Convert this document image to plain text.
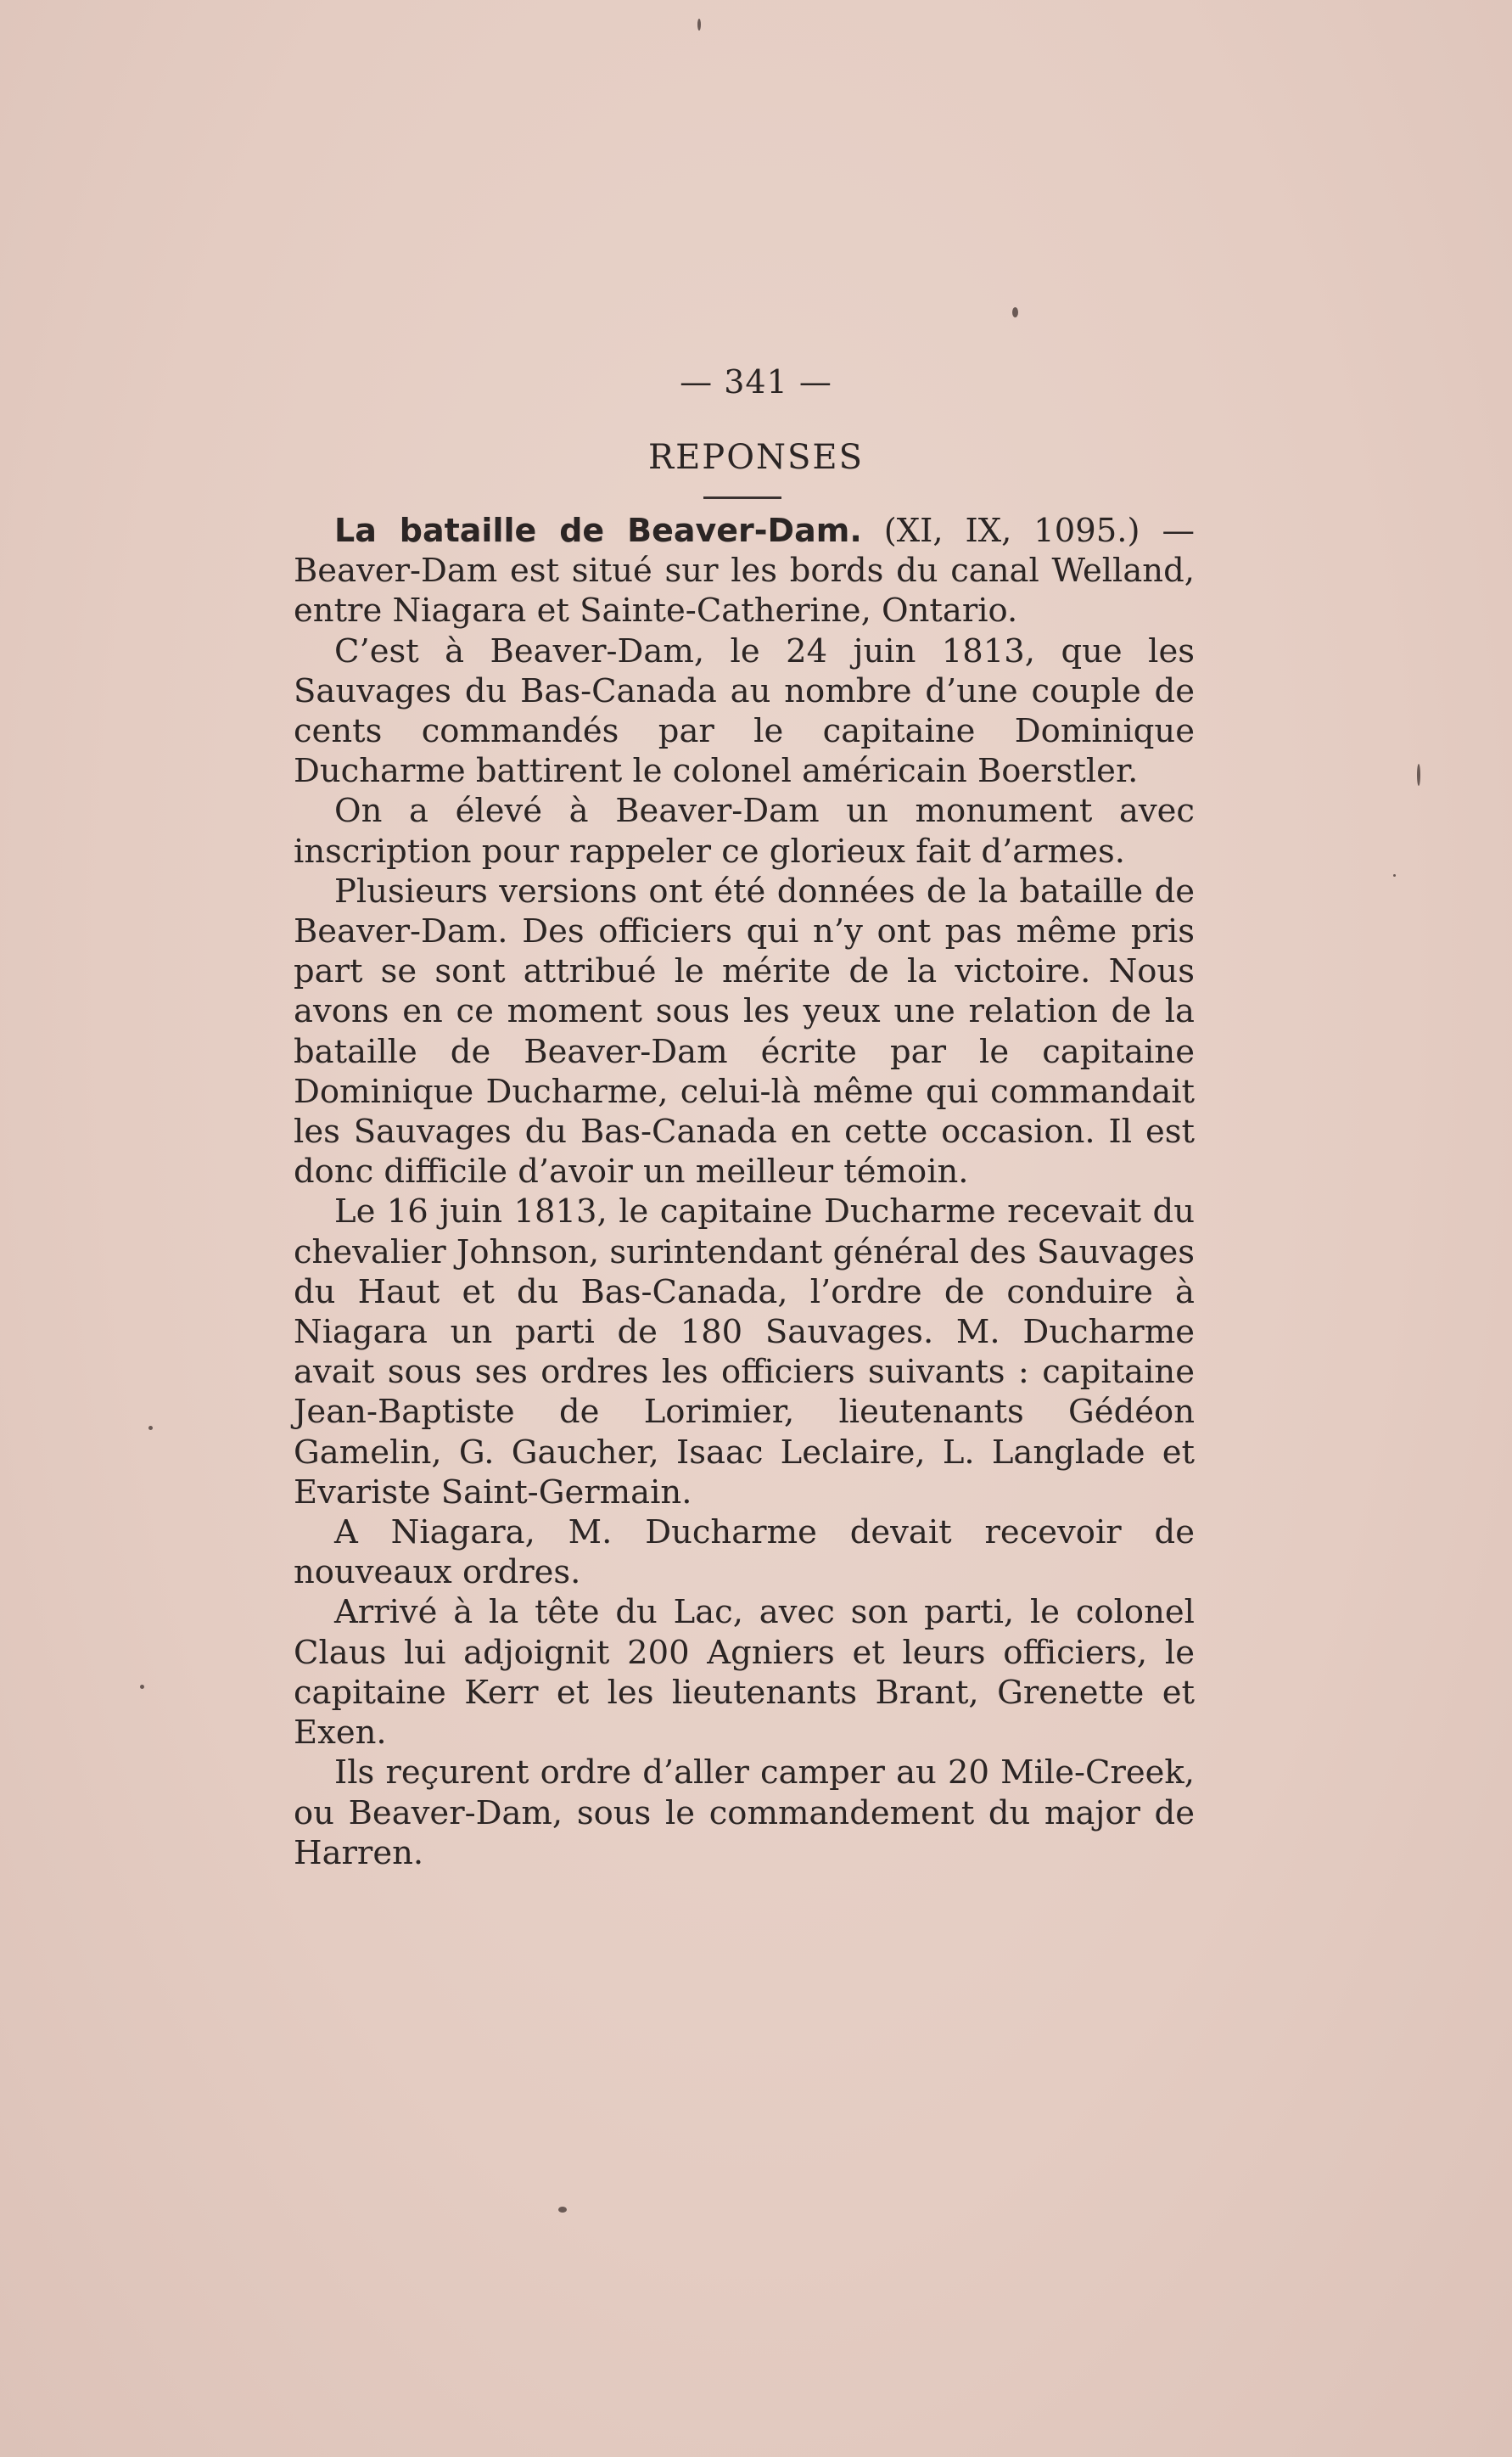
— 341 —
REPONSES

La bataille de Beaver-Dam. (XI, IX, 1095.) —Beaver-Dam est situé sur les bords du canal Welland, entre Niagara et Sainte-Catherine, Ontario.

C’est à Beaver-Dam, le 24 juin 1813, que les Sauvages du Bas-Canada au nombre d’une couple de cents commandés par le capitaine Dominique Ducharme battirent le colonel américain Boerstler.

On a élevé à Beaver-Dam un monument avec inscription pour rappeler ce glorieux fait d’armes.

Plusieurs versions ont été données de la bataille de Beaver-Dam. Des officiers qui n’y ont pas même pris part se sont attribué le mérite de la victoire. Nous avons en ce moment sous les yeux une relation de la bataille de Beaver-Dam écrite par le capitaine Dominique Ducharme, celui-là même qui commandait les Sauvages du Bas-Canada en cette occasion. Il est donc difficile d’avoir un meilleur témoin.

Le 16 juin 1813, le capitaine Ducharme recevait du chevalier Johnson, surintendant général des Sauvages du Haut et du Bas-Canada, l’ordre de conduire à Niagara un parti de 180 Sauvages. M. Ducharme avait sous ses ordres les officiers suivants : capitaine Jean-Baptiste de Lorimier, lieutenants Gédéon Gamelin, G. Gaucher, Isaac Leclaire, L. Langlade et Evariste Saint-Germain.

A Niagara, M. Ducharme devait recevoir de nouveaux ordres.

Arrivé à la tête du Lac, avec son parti, le colonel Claus lui adjoignit 200 Agniers et leurs officiers, le capitaine Kerr et les lieutenants Brant, Grenette et Exen.

Ils reçurent ordre d’aller camper au 20 Mile-Creek, ou Beaver-Dam, sous le commandement du major de Harren.
